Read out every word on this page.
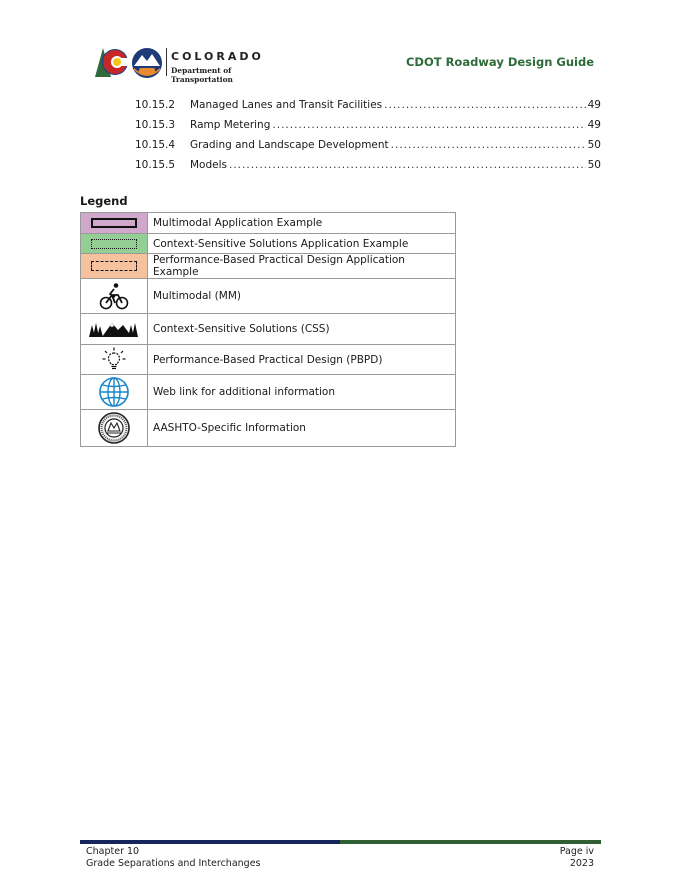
COLORADO
Department of Transportation
CDOT Roadway Design Guide
10.15.2	Managed Lanes and Transit Facilities .....	49
10.15.3	Ramp Metering .....	49
10.15.4	Grading and Landscape Development .....	50
10.15.5	Models .....	50
Legend
	Multimodal Application Example

	Context-Sensitive Solutions Application Example

	Performance-Based Practical Design Application Example

	Multimodal (MM)

	Context-Sensitive Solutions (CSS)

	Performance-Based Practical Design (PBPD)

	Web link for additional information

	AASHTO-Specific Information
Chapter 10
Grade Separations and Interchanges
Page iv
2023
